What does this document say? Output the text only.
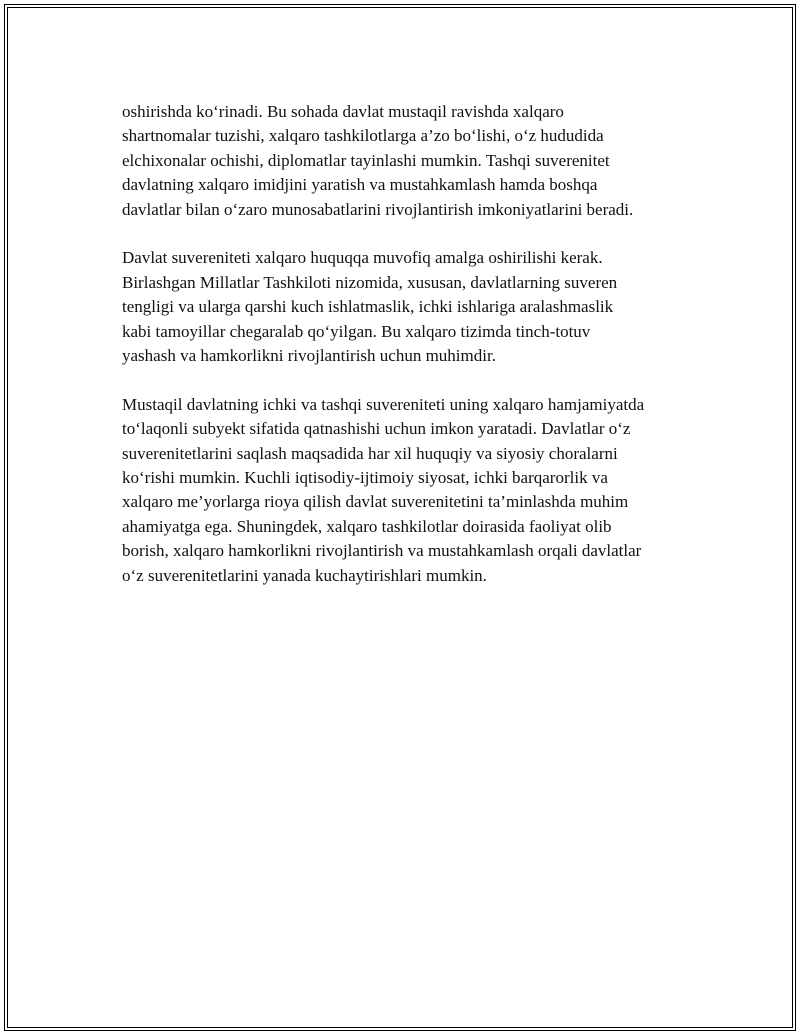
oshirishda ko‘rinadi. Bu sohada davlat mustaqil ravishda xalqaro
shartnomalar tuzishi, xalqaro tashkilotlarga a’zo bo‘lishi, o‘z hududida
elchixonalar ochishi, diplomatlar tayinlashi mumkin. Tashqi suverenitet
davlatning xalqaro imidjini yaratish va mustahkamlash hamda boshqa
davlatlar bilan o‘zaro munosabatlarini rivojlantirish imkoniyatlarini beradi.

Davlat suvereniteti xalqaro huquqqa muvofiq amalga oshirilishi kerak.
Birlashgan Millatlar Tashkiloti nizomida, xususan, davlatlarning suveren
tengligi va ularga qarshi kuch ishlatmaslik, ichki ishlariga aralashmaslik
kabi tamoyillar chegaralab qo‘yilgan. Bu xalqaro tizimda tinch-totuv
yashash va hamkorlikni rivojlantirish uchun muhimdir.

Mustaqil davlatning ichki va tashqi suvereniteti uning xalqaro hamjamiyatda
to‘laqonli subyekt sifatida qatnashishi uchun imkon yaratadi. Davlatlar o‘z
suverenitetlarini saqlash maqsadida har xil huquqiy va siyosiy choralarni
ko‘rishi mumkin. Kuchli iqtisodiy-ijtimoiy siyosat, ichki barqarorlik va
xalqaro me’yorlarga rioya qilish davlat suverenitetini ta’minlashda muhim
ahamiyatga ega. Shuningdek, xalqaro tashkilotlar doirasida faoliyat olib
borish, xalqaro hamkorlikni rivojlantirish va mustahkamlash orqali davlatlar
o‘z suverenitetlarini yanada kuchaytirishlari mumkin.
